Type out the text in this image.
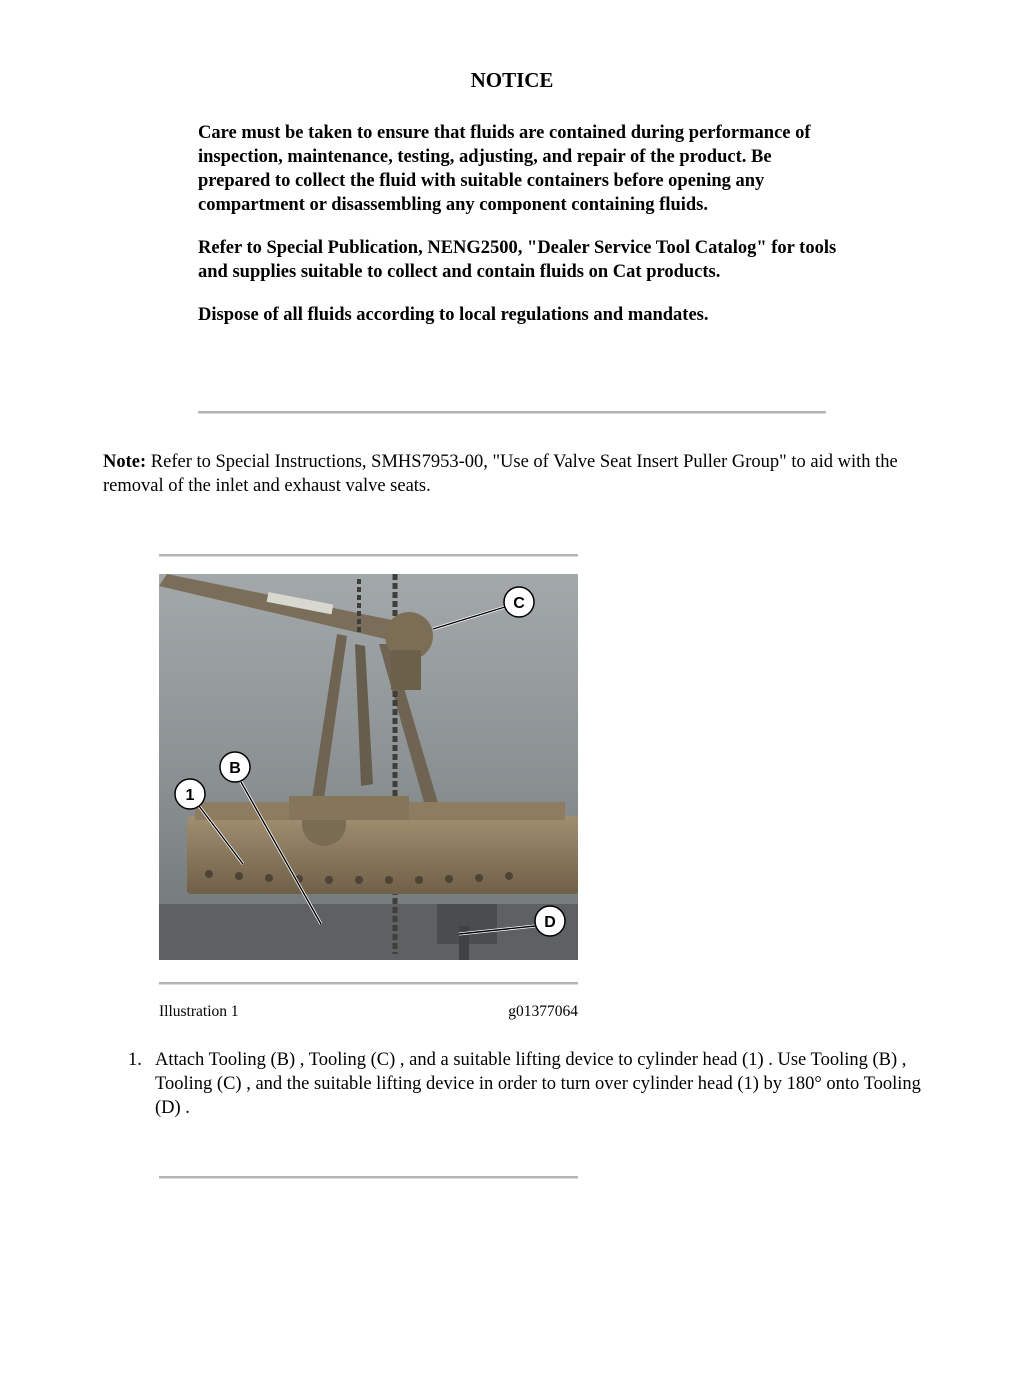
NOTICE

Care must be taken to ensure that fluids are contained during performance of inspection, maintenance, testing, adjusting, and repair of the product. Be prepared to collect the fluid with suitable containers before opening any compartment or disassembling any component containing fluids.

Refer to Special Publication, NENG2500, "Dealer Service Tool Catalog" for tools and supplies suitable to collect and contain fluids on Cat products.

Dispose of all fluids according to local regulations and mandates.

Note: Refer to Special Instructions, SMHS7953-00, "Use of Valve Seat Insert Puller Group" to aid with the removal of the inlet and exhaust valve seats.
C
B
1
D
Illustration 1	g01377064
1. Attach Tooling (B) , Tooling (C) , and a suitable lifting device to cylinder head (1) . Use Tooling (B) , Tooling (C) , and the suitable lifting device in order to turn over cylinder head (1) by 180° onto Tooling (D) .
